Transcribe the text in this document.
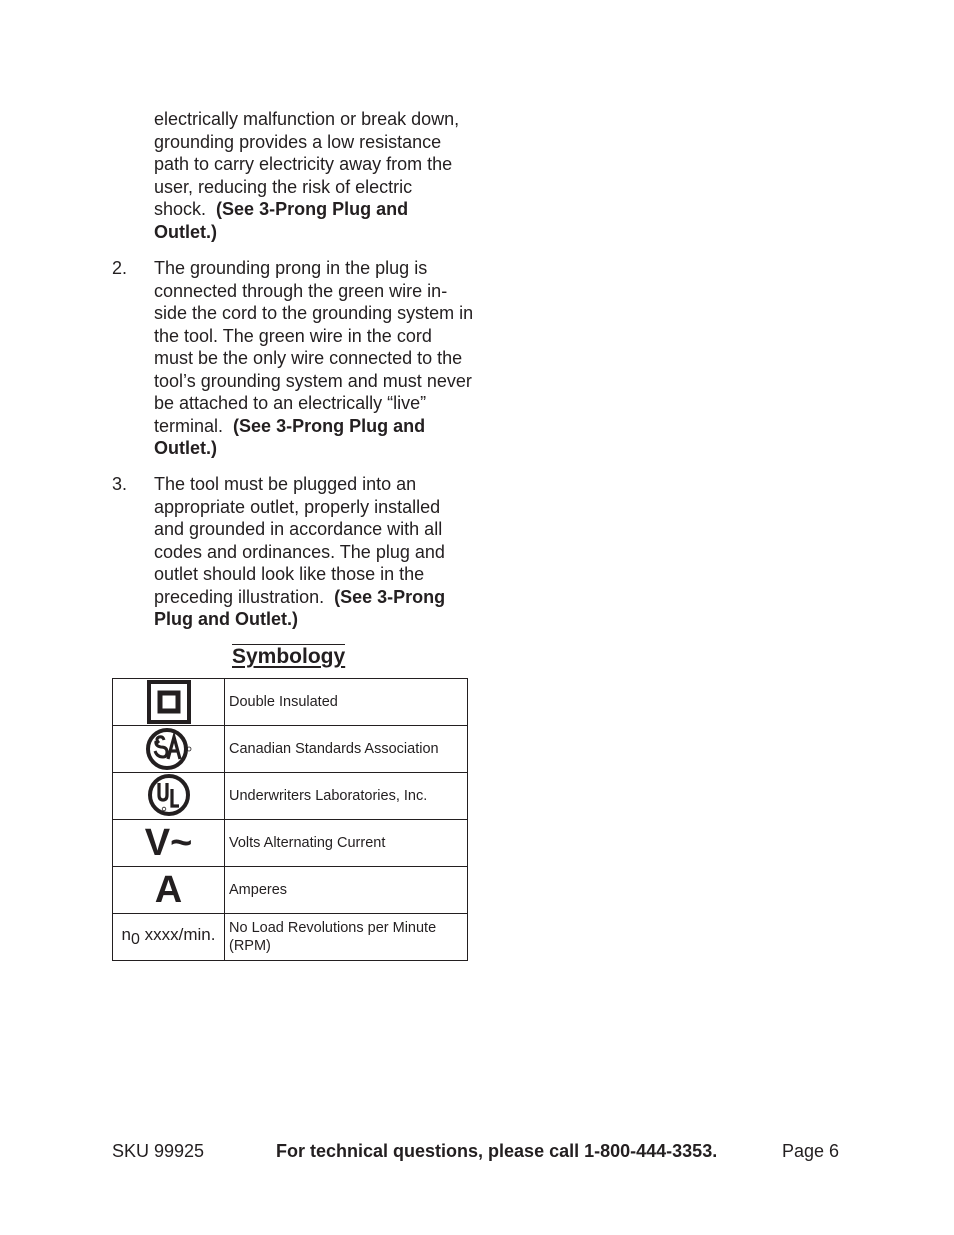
electrically malfunction or break down, grounding provides a low resistance path to carry electricity away from the user, reducing the risk of electric shock. (See 3-Prong Plug and Outlet.)

2. The grounding prong in the plug is connected through the green wire in-side the cord to the grounding system in the tool. The green wire in the cord must be the only wire connected to the tool’s grounding system and must never be attached to an electrically “live” terminal. (See 3-Prong Plug and Outlet.)

3. The tool must be plugged into an appropriate outlet, properly installed and grounded in accordance with all codes and ordinances. The plug and outlet should look like those in the preceding illustration. (See 3-Prong Plug and Outlet.)

Symbology
	Double Insulated
	Canadian Standards Association
	Underwriters Laboratories, Inc.
V~	Volts Alternating Current
A	Amperes
$n_0$ xxxx/min.	No Load Revolutions per Minute (RPM)
SKU 99925	For technical questions, please call 1-800-444-3353.	Page 6
